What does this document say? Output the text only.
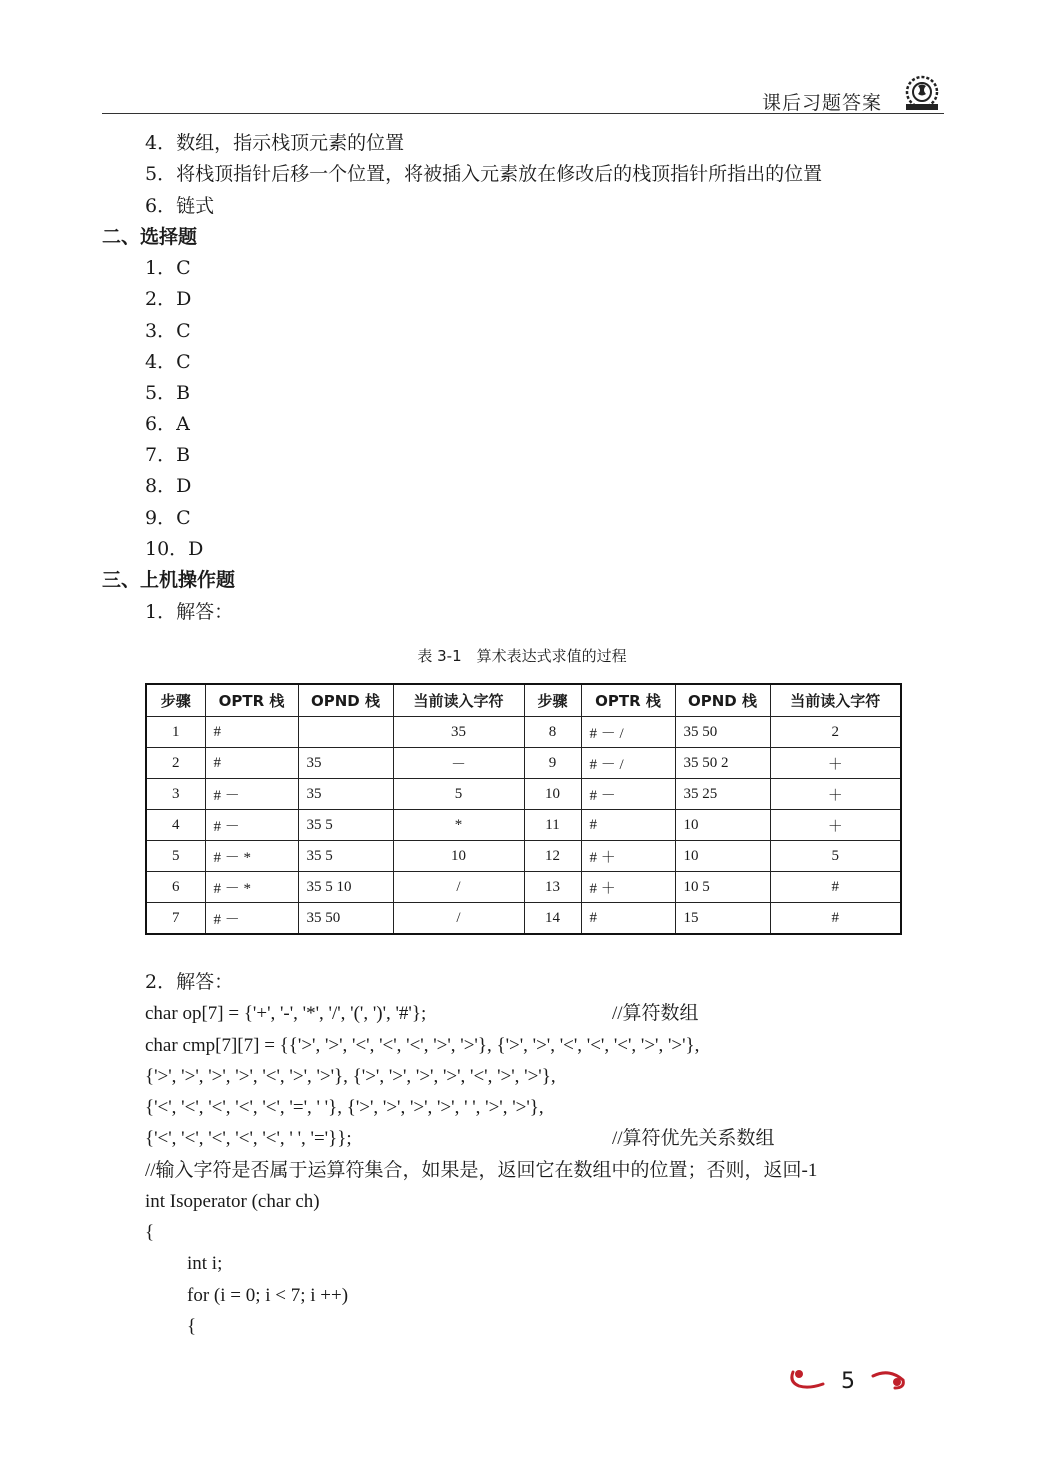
课后习题答案
4．数组，指示栈顶元素的位置
5．将栈顶指针后移一个位置，将被插入元素放在修改后的栈顶指针所指出的位置
6．链式
二、选择题
1．C
2．D
3．C
4．C
5．B
6．A
7．B
8．D
9．C
10．D
三、上机操作题
1．解答：
表 3-1　算术表达式求值的过程
步骤	OPTR 栈	OPND 栈	当前读入字符	步骤	OPTR 栈	OPND 栈	当前读入字符
1	#		35	8	# － /	35 50	2
2	#	35	－	9	# － /	35 50 2	＋
3	# －	35	5	10	# －	35 25	＋
4	# －	35 5	*	11	#	10	＋
5	# － *	35 5	10	12	# ＋	10	5
6	# － *	35 5 10	/	13	# ＋	10 5	#
7	# －	35 50	/	14	#	15	#
2．解答：
char op[7] = {'+', '-', '*', '/', '(', ')', '#'};	//算符数组
char cmp[7][7] = {{'>', '>', '<', '<', '<', '>', '>'}, {'>', '>', '<', '<', '<', '>', '>'},
{'>', '>', '>', '>', '<', '>', '>'}, {'>', '>', '>', '>', '<', '>', '>'},
{'<', '<', '<', '<', '<', '=', ' '}, {'>', '>', '>', '>', ' ', '>', '>'},
{'<', '<', '<', '<', '<', ' ', '='}};	//算符优先关系数组
//输入字符是否属于运算符集合，如果是，返回它在数组中的位置；否则，返回-1
int Isoperator (char ch)
{
int i;
for (i = 0; i < 7; i ++)
{
5
